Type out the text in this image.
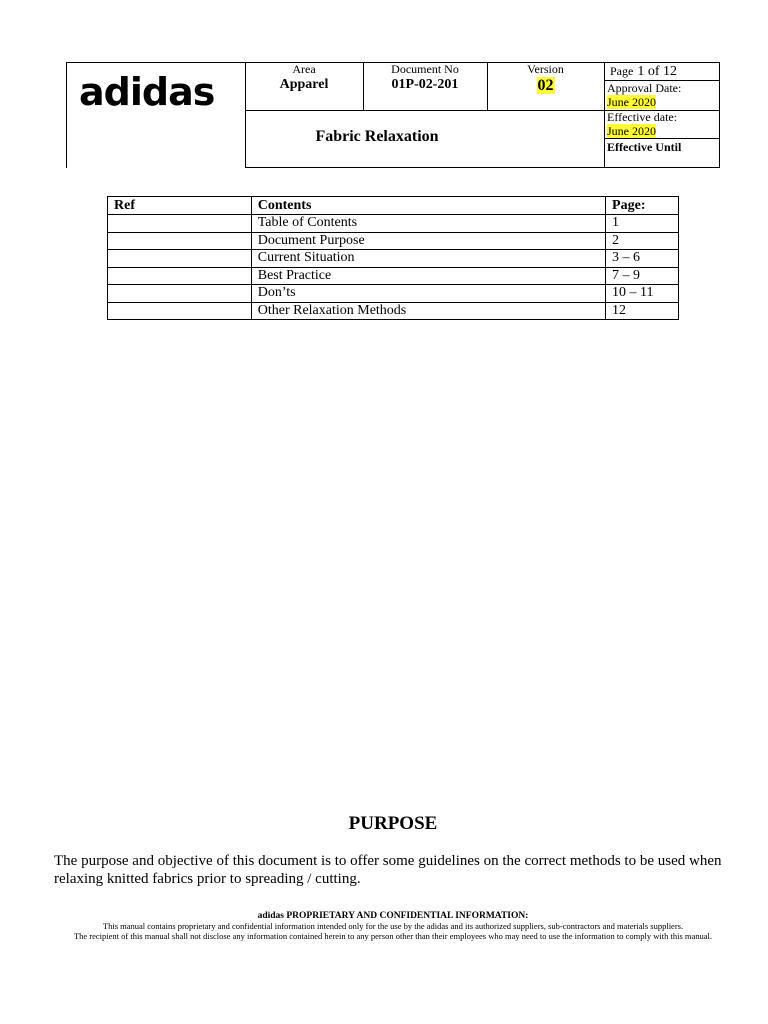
adidas
Area
Apparel
Document No
01P-02-201
Version
02
Page 1 of 12
Approval Date:
June 2020
Effective date:
June 2020
Effective Until
Fabric Relaxation
Ref	Contents	Page:
	Table of Contents	1
	Document Purpose	2
	Current Situation	3 – 6
	Best Practice	7 – 9
	Don’ts	10 – 11
	Other Relaxation Methods	12
PURPOSE
The purpose and objective of this document is to offer some guidelines on the correct methods to be used when relaxing knitted fabrics prior to spreading / cutting.
adidas PROPRIETARY AND CONFIDENTIAL INFORMATION:
This manual contains proprietary and confidential information intended only for the use by the adidas and its authorized suppliers, sub-contractors and materials suppliers.
The recipient of this manual shall not disclose any information contained herein to any person other than their employees who may need to use the information to comply with this manual.
